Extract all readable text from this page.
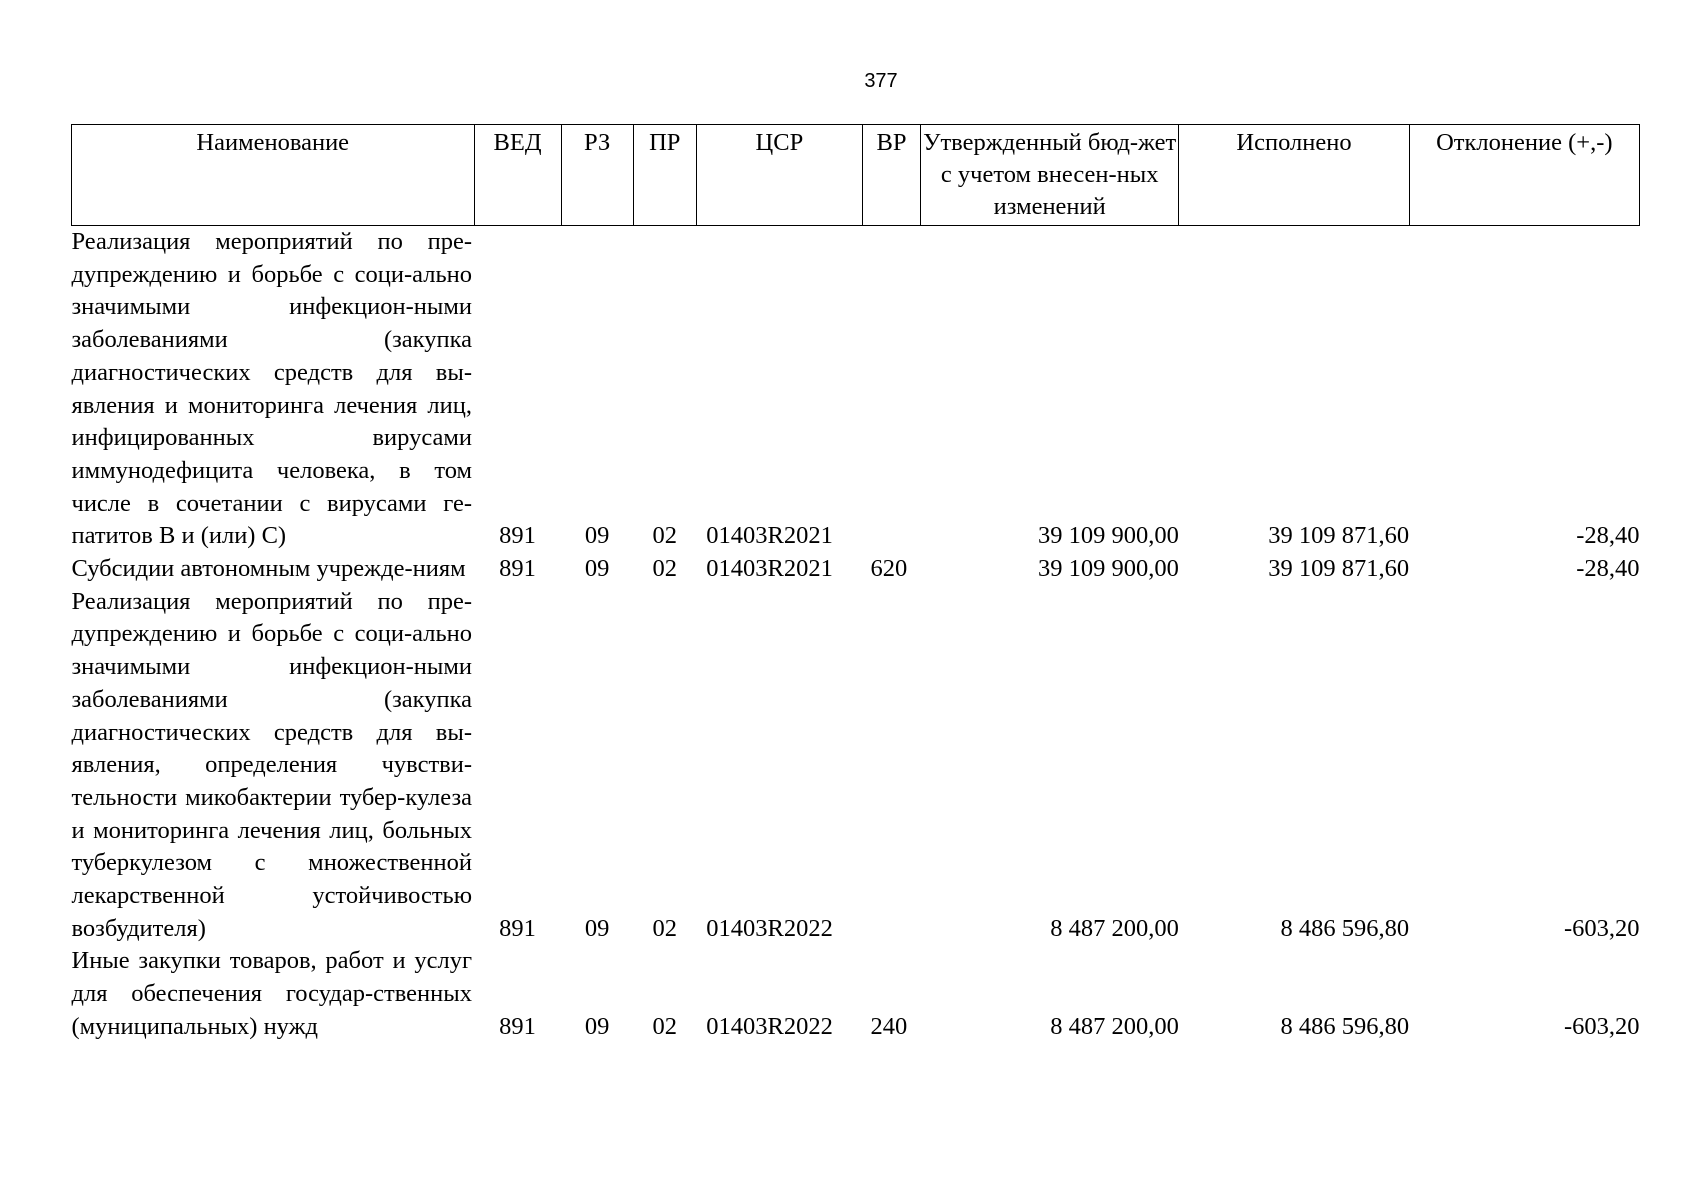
377
Наименование	ВЕД	РЗ	ПР	ЦСР	ВР	Утвержденный бюд-жет с учетом внесен-ных изменений	Исполнено	Отклонение (+,-)
Реализация мероприятий по пре-дупреждению и борьбе с соци-ально значимыми инфекцион-ными заболеваниями (закупка диагностических средств для вы-явления и мониторинга лечения лиц, инфицированных вирусами иммунодефицита человека, в том числе в сочетании с вирусами ге-патитов B и (или) C)	891	09	02	01403R2021		39 109 900,00	39 109 871,60	-28,40
Субсидии автономным учрежде-ниям	891	09	02	01403R2021	620	39 109 900,00	39 109 871,60	-28,40
Реализация мероприятий по пре-дупреждению и борьбе с соци-ально значимыми инфекцион-ными заболеваниями (закупка диагностических средств для вы-явления, определения чувстви-тельности микобактерии тубер-кулеза и мониторинга лечения лиц, больных туберкулезом с множественной лекарственной устойчивостью возбудителя)	891	09	02	01403R2022		8 487 200,00	8 486 596,80	-603,20
Иные закупки товаров, работ и услуг для обеспечения государ-ственных (муниципальных) нужд	891	09	02	01403R2022	240	8 487 200,00	8 486 596,80	-603,20
